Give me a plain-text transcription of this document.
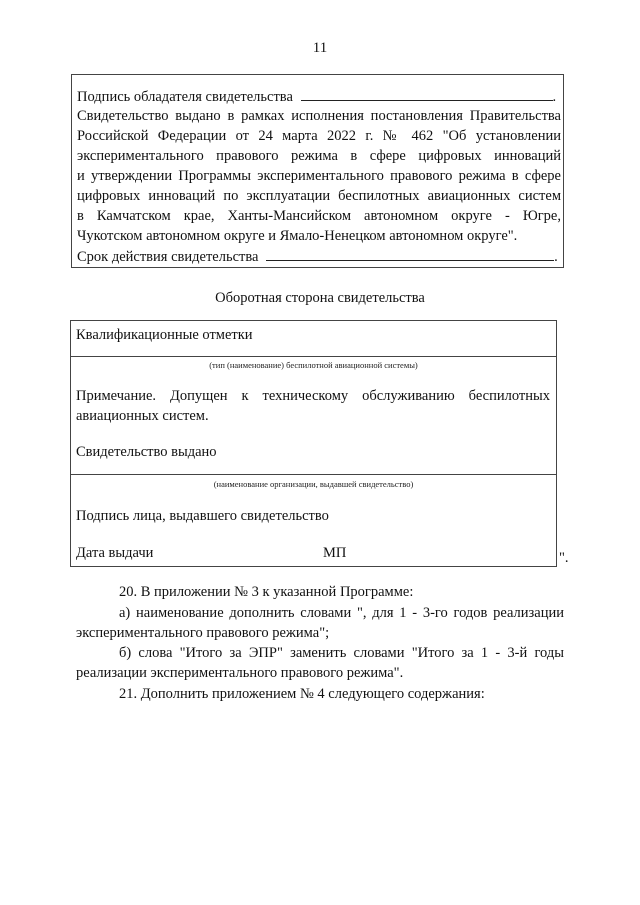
11
Подпись обладателя свидетельства	.
Свидетельство выдано в рамках исполнения постановления Правительства
Российской Федерации от 24 марта 2022 г. № 462 "Об установлении
экспериментального правового режима в сфере цифровых инноваций
и утверждении Программы экспериментального правового режима в сфере
цифровых инноваций по эксплуатации беспилотных авиационных систем
в Камчатском крае, Ханты-Мансийском автономном округе - Югре,
Чукотском автономном округе и Ямало-Ненецком автономном округе".
Срок действия свидетельства	.
Оборотная сторона свидетельства
Квалификационные отметки
(тип (наименование) беспилотной авиационной системы)
Примечание. Допущен к техническому обслуживанию беспилотных
авиационных систем.
Свидетельство выдано
(наименование организации, выдавшей свидетельство)
Подпись лица, выдавшего свидетельство
Дата выдачи	МП	".
20. В приложении № 3 к указанной Программе:
а) наименование дополнить словами ", для 1 - 3-го годов реализации
экспериментального правового режима";
б) слова "Итого за ЭПР" заменить словами "Итого за 1 - 3-й годы
реализации экспериментального правового режима".
21. Дополнить приложением № 4 следующего содержания:
